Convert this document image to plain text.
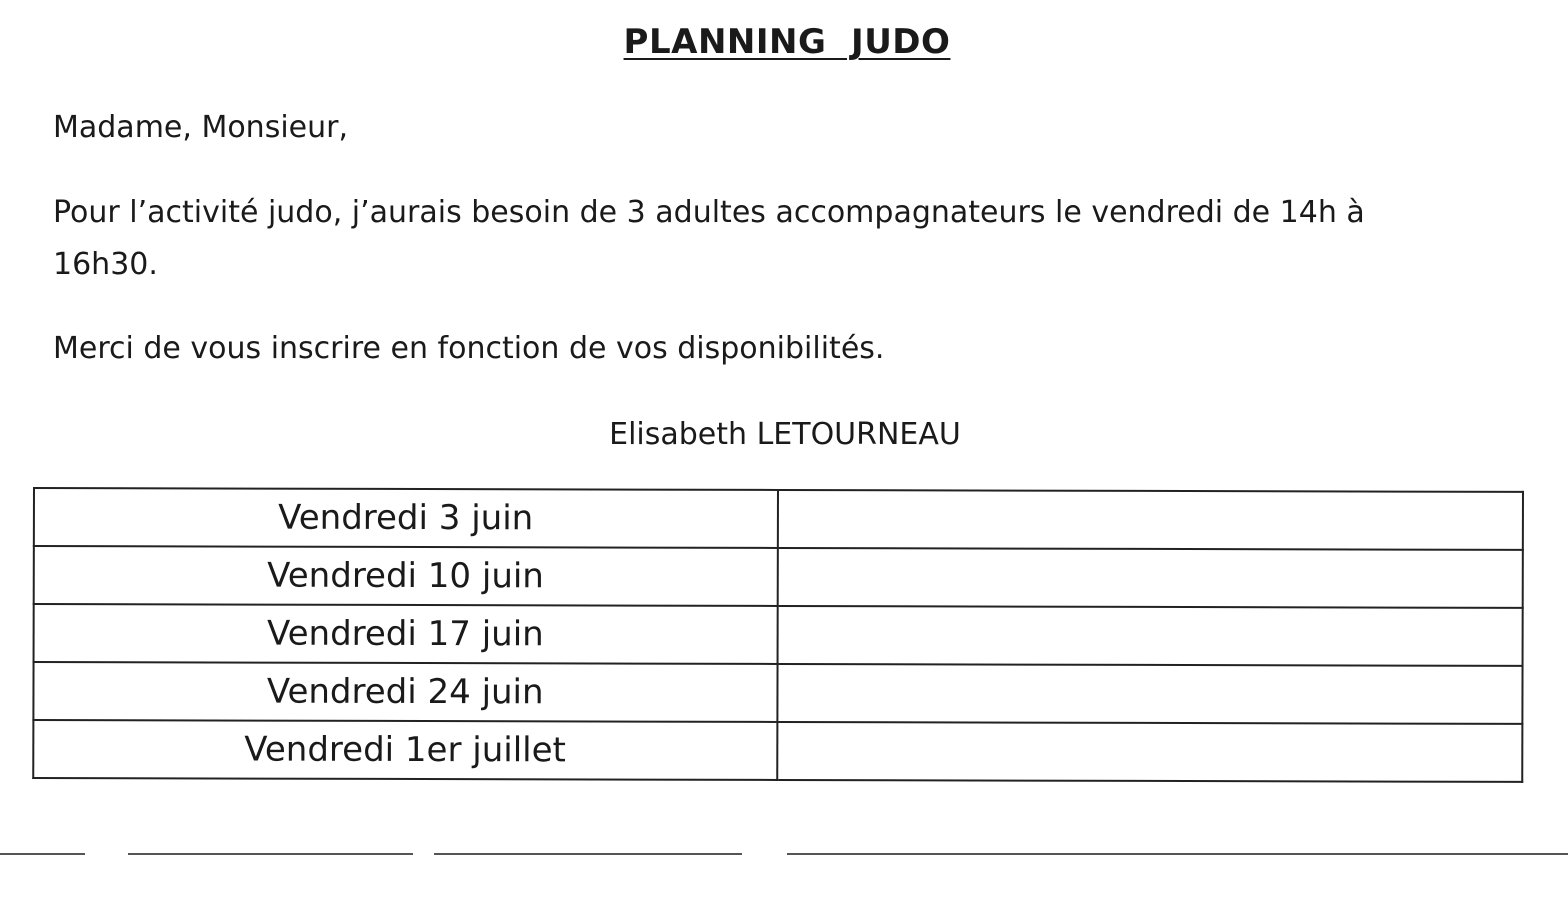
PLANNING  JUDO

Madame, Monsieur,

Pour l’activité judo, j’aurais besoin de 3 adultes accompagnateurs le vendredi de 14h à

16h30.

Merci de vous inscrire en fonction de vos disponibilités.

Elisabeth LETOURNEAU
Vendredi 3 juin	
Vendredi 10 juin	
Vendredi 17 juin	
Vendredi 24 juin	
Vendredi 1er juillet	
